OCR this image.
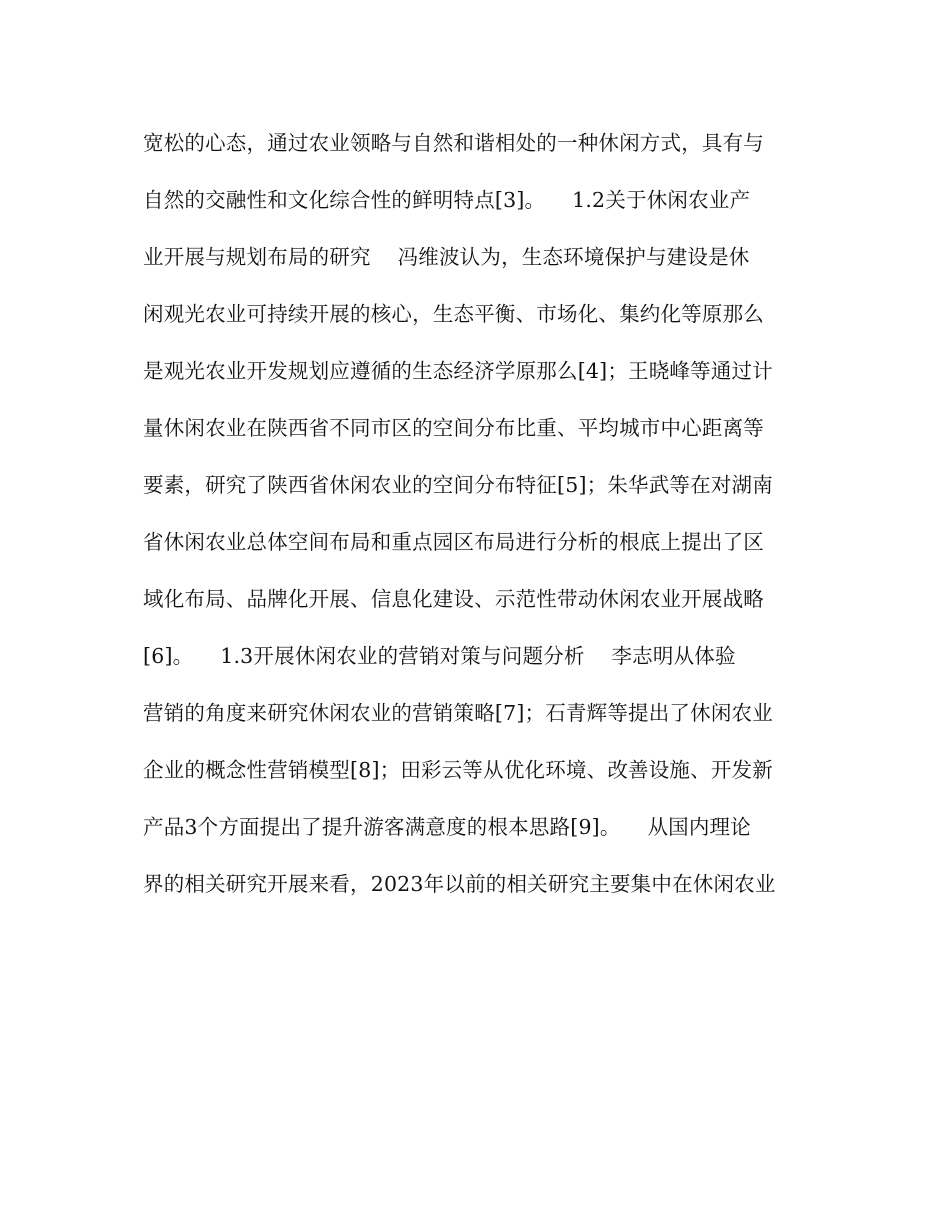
宽松的心态，通过农业领略与自然和谐相处的一种休闲方式，具有与
自然的交融性和文化综合性的鲜明特点[3]。    1.2关于休闲农业产
业开展与规划布局的研究    冯维波认为，生态环境保护与建设是休
闲观光农业可持续开展的核心，生态平衡、市场化、集约化等原那么
是观光农业开发规划应遵循的生态经济学原那么[4]；王晓峰等通过计
量休闲农业在陕西省不同市区的空间分布比重、平均城市中心距离等
要素，研究了陕西省休闲农业的空间分布特征[5]；朱华武等在对湖南
省休闲农业总体空间布局和重点园区布局进行分析的根底上提出了区
域化布局、品牌化开展、信息化建设、示范性带动休闲农业开展战略
[6]。    1.3开展休闲农业的营销对策与问题分析    李志明从体验
营销的角度来研究休闲农业的营销策略[7]；石青辉等提出了休闲农业
企业的概念性营销模型[8]；田彩云等从优化环境、改善设施、开发新
产品3个方面提出了提升游客满意度的根本思路[9]。    从国内理论
界的相关研究开展来看，2023年以前的相关研究主要集中在休闲农业
